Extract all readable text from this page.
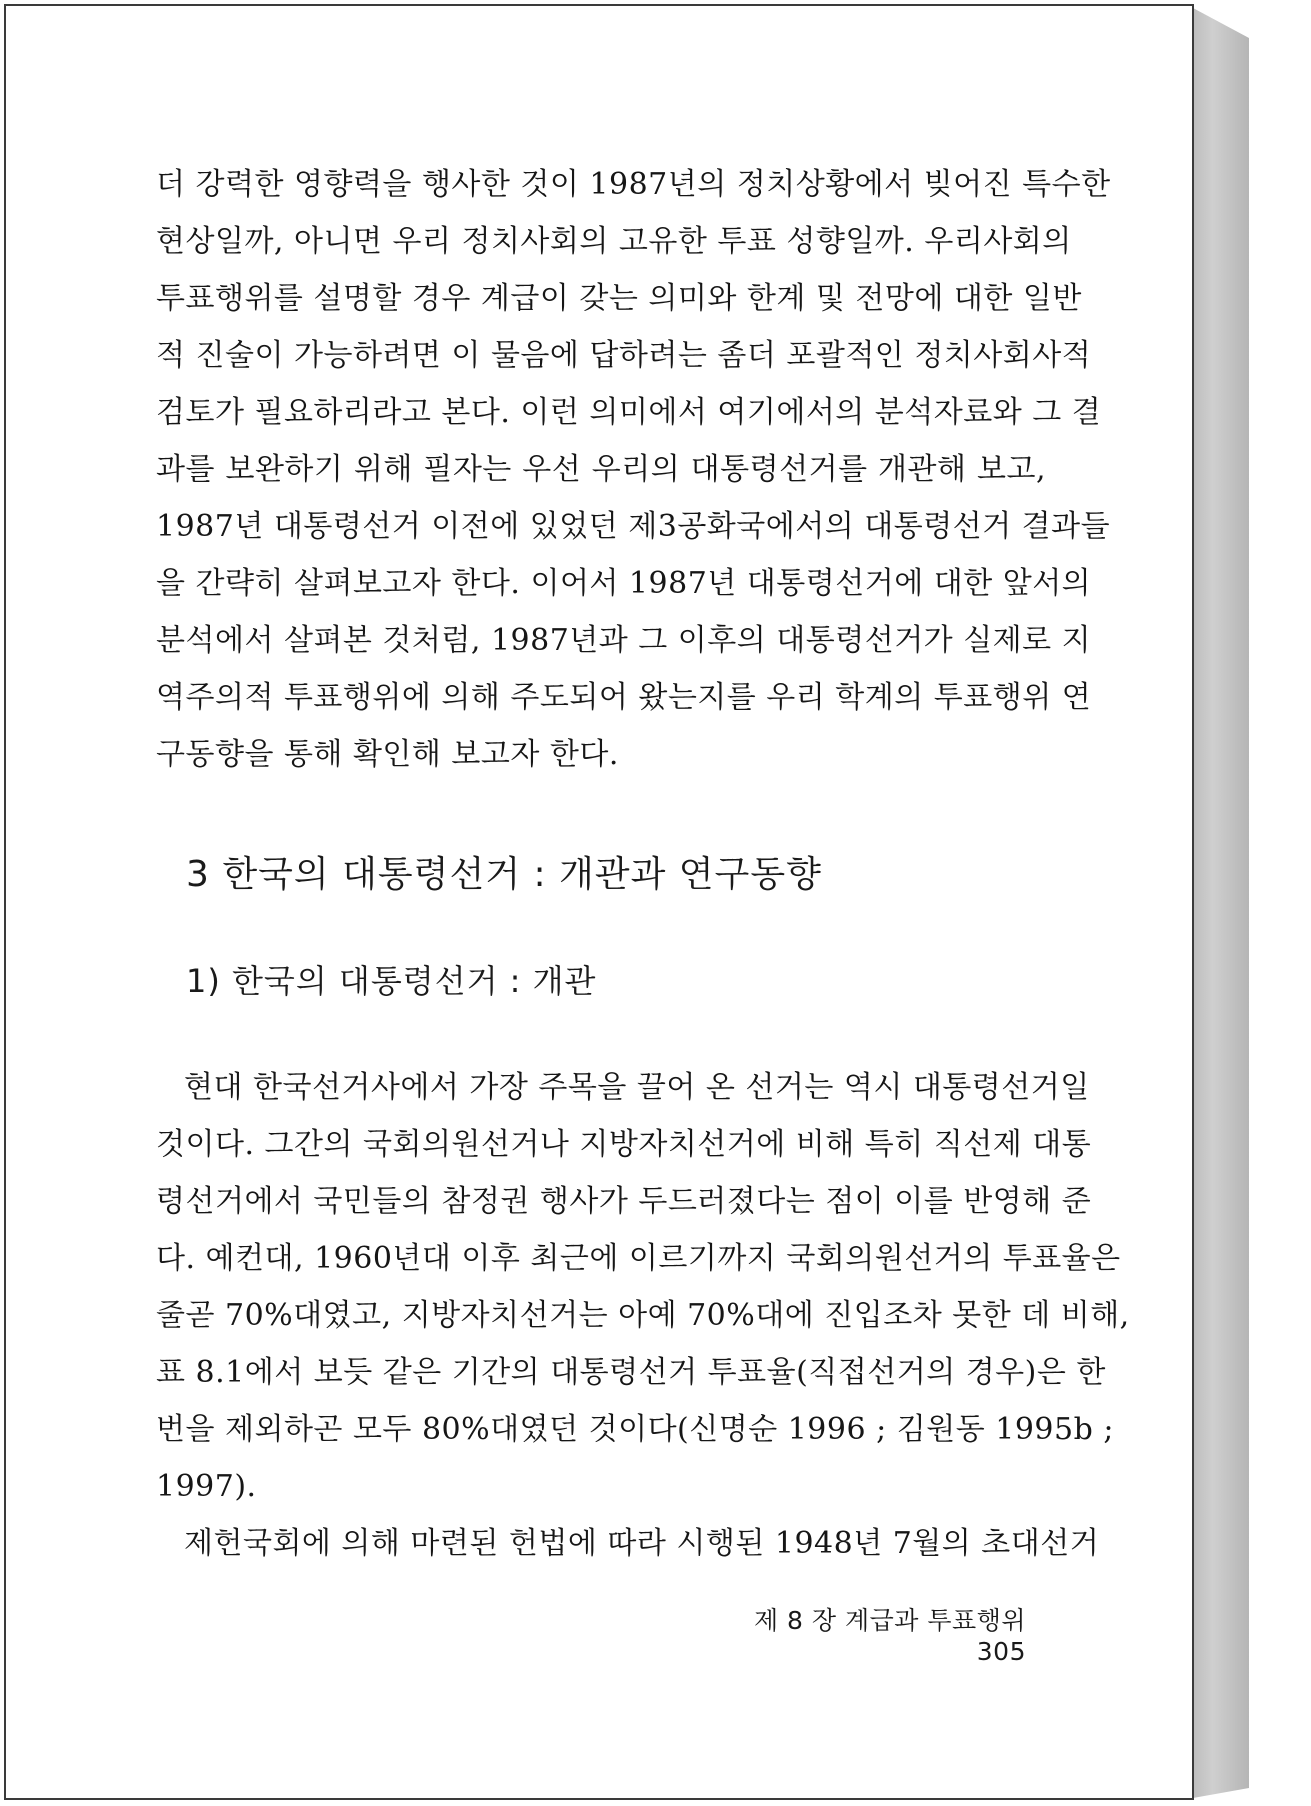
더 강력한 영향력을 행사한 것이 1987년의 정치상황에서 빚어진 특수한
현상일까, 아니면 우리 정치사회의 고유한 투표 성향일까. 우리사회의
투표행위를 설명할 경우 계급이 갖는 의미와 한계 및 전망에 대한 일반
적 진술이 가능하려면 이 물음에 답하려는 좀더 포괄적인 정치사회사적
검토가 필요하리라고 본다. 이런 의미에서 여기에서의 분석자료와 그 결
과를 보완하기 위해 필자는 우선 우리의 대통령선거를 개관해 보고,
1987년 대통령선거 이전에 있었던 제3공화국에서의 대통령선거 결과들
을 간략히 살펴보고자 한다. 이어서 1987년 대통령선거에 대한 앞서의
분석에서 살펴본 것처럼, 1987년과 그 이후의 대통령선거가 실제로 지
역주의적 투표행위에 의해 주도되어 왔는지를 우리 학계의 투표행위 연
구동향을 통해 확인해 보고자 한다.
3 한국의 대통령선거 : 개관과 연구동향
1) 한국의 대통령선거 : 개관
현대 한국선거사에서 가장 주목을 끌어 온 선거는 역시 대통령선거일
것이다. 그간의 국회의원선거나 지방자치선거에 비해 특히 직선제 대통
령선거에서 국민들의 참정권 행사가 두드러졌다는 점이 이를 반영해 준
다. 예컨대, 1960년대 이후 최근에 이르기까지 국회의원선거의 투표율은
줄곧 70%대였고, 지방자치선거는 아예 70%대에 진입조차 못한 데 비해,
표 8.1에서 보듯 같은 기간의 대통령선거 투표율(직접선거의 경우)은 한
번을 제외하곤 모두 80%대였던 것이다(신명순 1996 ; 김원동 1995b ;
1997).
제헌국회에 의해 마련된 헌법에 따라 시행된 1948년 7월의 초대선거
제 8 장 계급과 투표행위 305
